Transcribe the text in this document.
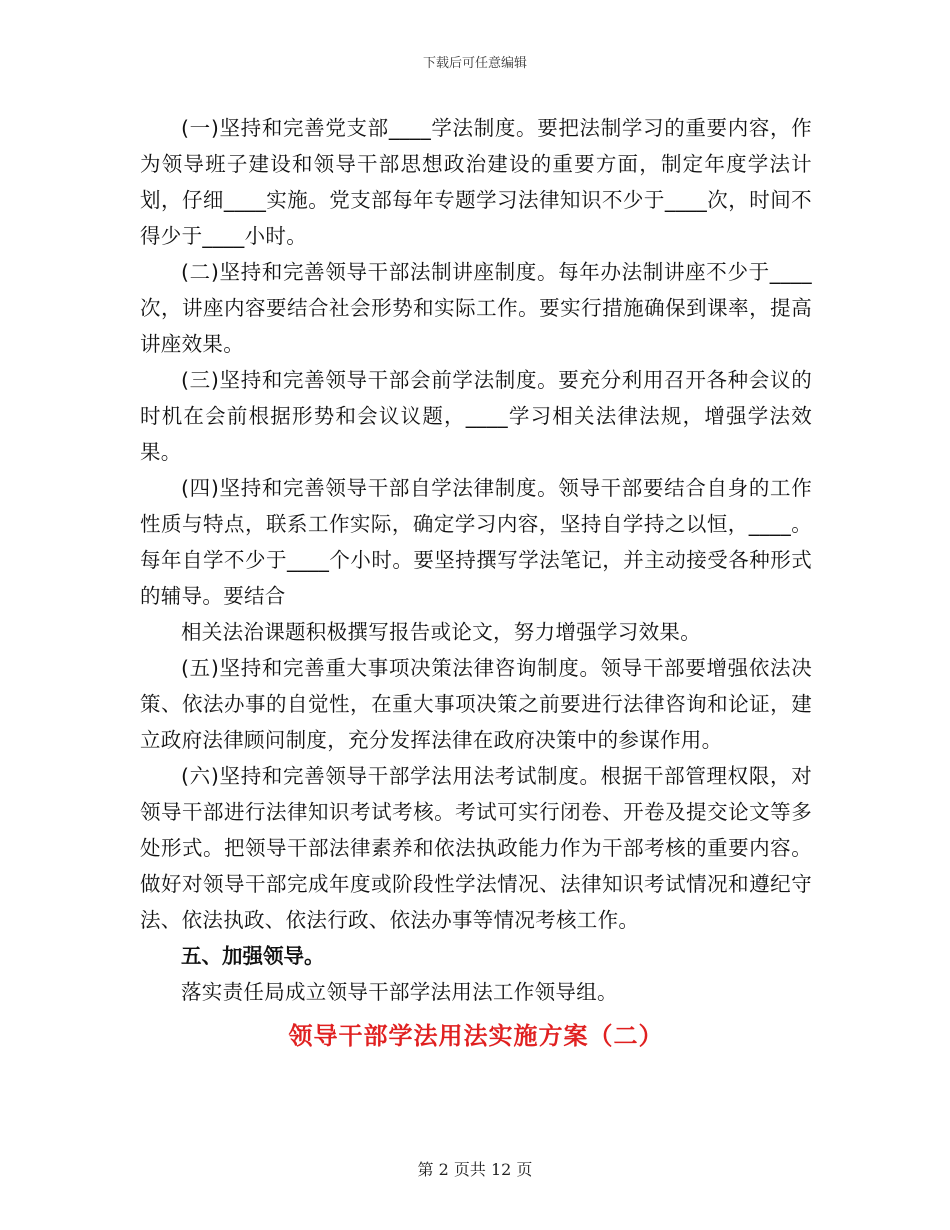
下载后可任意编辑

(一)坚持和完善党支部____学法制度。要把法制学习的重要内容，作为领导班子建设和领导干部思想政治建设的重要方面，制定年度学法计划，仔细____实施。党支部每年专题学习法律知识不少于____次，时间不得少于____小时。

(二)坚持和完善领导干部法制讲座制度。每年办法制讲座不少于____次，讲座内容要结合社会形势和实际工作。要实行措施确保到课率，提高讲座效果。

(三)坚持和完善领导干部会前学法制度。要充分利用召开各种会议的时机在会前根据形势和会议议题，____学习相关法律法规，增强学法效果。

(四)坚持和完善领导干部自学法律制度。领导干部要结合自身的工作性质与特点，联系工作实际，确定学习内容，坚持自学持之以恒，____。每年自学不少于____个小时。要坚持撰写学法笔记，并主动接受各种形式的辅导。要结合

相关法治课题积极撰写报告或论文，努力增强学习效果。

(五)坚持和完善重大事项决策法律咨询制度。领导干部要增强依法决策、依法办事的自觉性，在重大事项决策之前要进行法律咨询和论证，建立政府法律顾问制度，充分发挥法律在政府决策中的参谋作用。

(六)坚持和完善领导干部学法用法考试制度。根据干部管理权限，对领导干部进行法律知识考试考核。考试可实行闭卷、开卷及提交论文等多处形式。把领导干部法律素养和依法执政能力作为干部考核的重要内容。做好对领导干部完成年度或阶段性学法情况、法律知识考试情况和遵纪守法、依法执政、依法行政、依法办事等情况考核工作。

五、加强领导。

落实责任局成立领导干部学法用法工作领导组。

领导干部学法用法实施方案（二）

第 2 页共 12 页
